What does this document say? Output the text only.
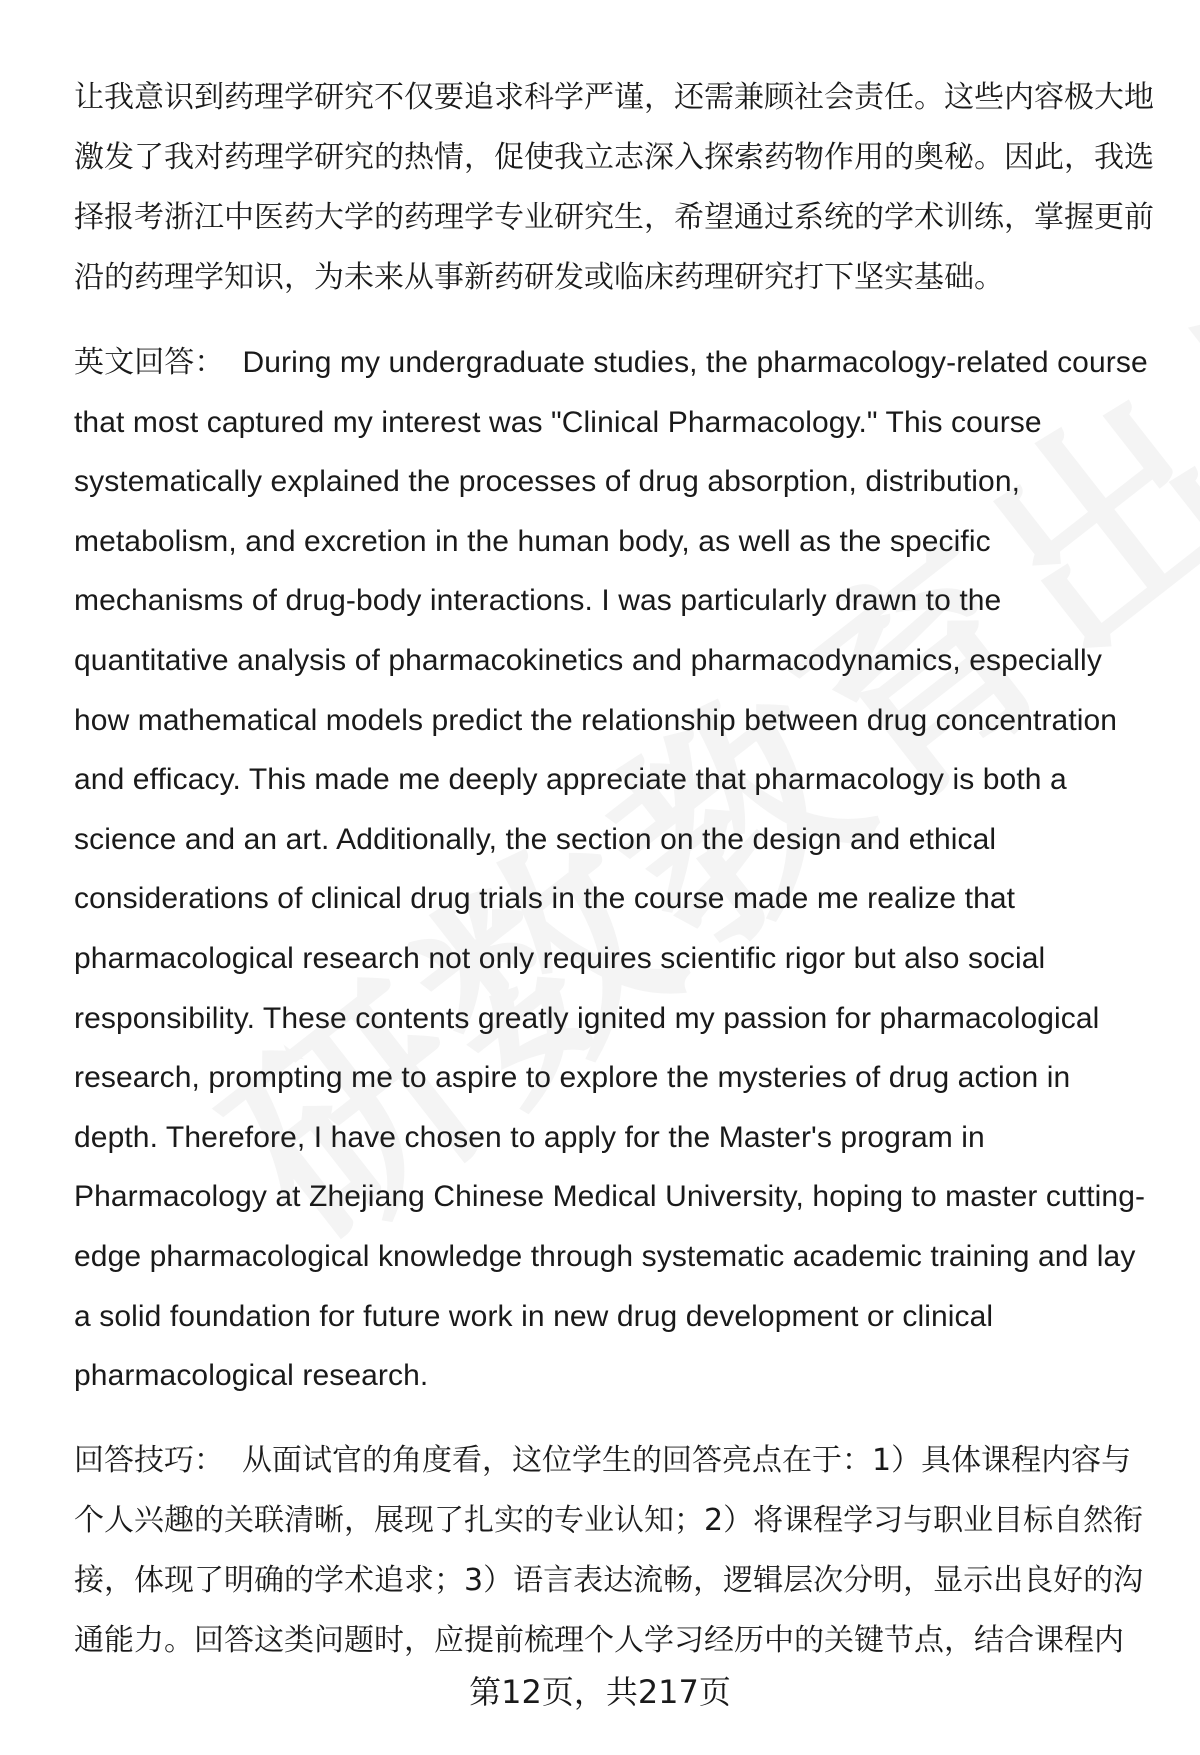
让我意识到药理学研究不仅要追求科学严谨，还需兼顾社会责任。这些内容极大地激发了我对药理学研究的热情，促使我立志深入探索药物作用的奥秘。因此，我选择报考浙江中医药大学的药理学专业研究生，希望通过系统的学术训练，掌握更前沿的药理学知识，为未来从事新药研发或临床药理研究打下坚实基础。

英文回答： During my undergraduate studies, the pharmacology-related course that most captured my interest was "Clinical Pharmacology." This course systematically explained the processes of drug absorption, distribution, metabolism, and excretion in the human body, as well as the specific mechanisms of drug-body interactions. I was particularly drawn to the quantitative analysis of pharmacokinetics and pharmacodynamics, especially how mathematical models predict the relationship between drug concentration and efficacy. This made me deeply appreciate that pharmacology is both a science and an art. Additionally, the section on the design and ethical considerations of clinical drug trials in the course made me realize that pharmacological research not only requires scientific rigor but also social responsibility. These contents greatly ignited my passion for pharmacological research, prompting me to aspire to explore the mysteries of drug action in depth. Therefore, I have chosen to apply for the Master's program in Pharmacology at Zhejiang Chinese Medical University, hoping to master cutting-edge pharmacological knowledge through systematic academic training and lay a solid foundation for future work in new drug development or clinical pharmacological research.

回答技巧： 从面试官的角度看，这位学生的回答亮点在于：1）具体课程内容与个人兴趣的关联清晰，展现了扎实的专业认知；2）将课程学习与职业目标自然衔接，体现了明确的学术追求；3）语言表达流畅，逻辑层次分明，显示出良好的沟通能力。回答这类问题时，应提前梳理个人学习经历中的关键节点，结合课程内

第12页，共217页
